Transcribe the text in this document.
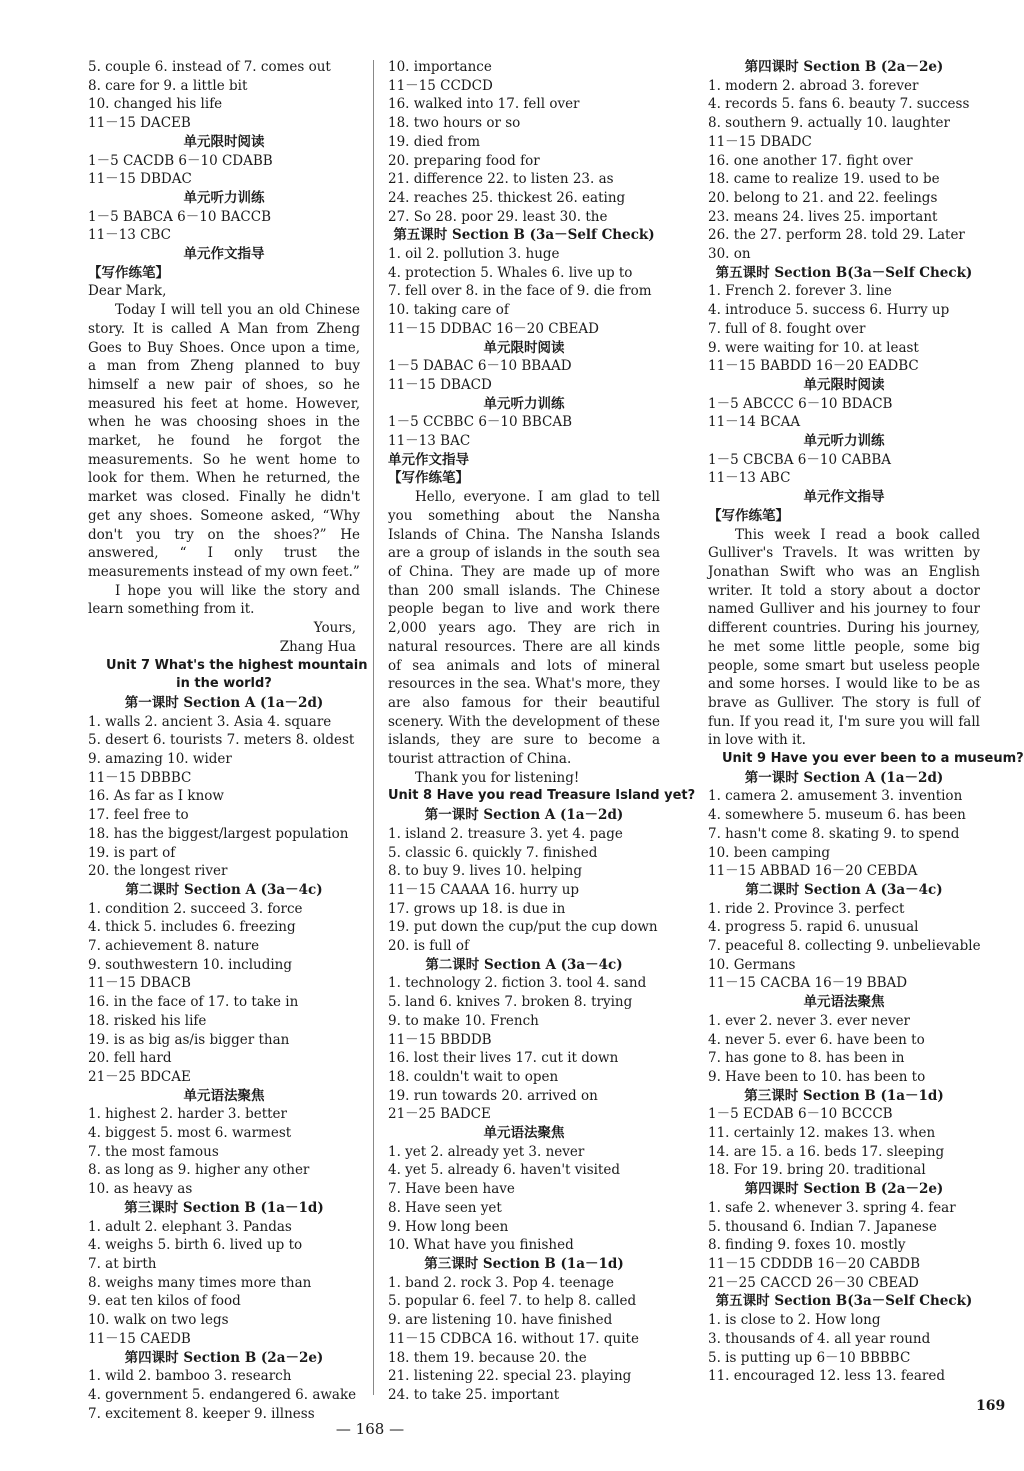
5. couple 6. instead of 7. comes out
8. care for 9. a little bit
10. changed his life
11－15 DACEB
单元限时阅读
1－5 CACDB 6－10 CDABB
11－15 DBDAC
单元听力训练
1－5 BABCA 6－10 BACCB
11－13 CBC
单元作文指导
【写作练笔】
Dear Mark,

Today I will tell you an old Chinese story. It is called A Man from Zheng Goes to Buy Shoes. Once upon a time, a man from Zheng planned to buy himself a new pair of shoes, so he measured his feet at home. However, when he was choosing shoes in the market, he found he forgot the measurements. So he went home to look for them. When he returned, the market was closed. Finally he didn't get any shoes. Someone asked, “Why don't you try on the shoes?” He answered, “ I only trust the measurements instead of my own feet.”

I hope you will like the story and learn something from it.

Yours,
Zhang Hua
Unit 7 What's the highest mountain
in the world?
第一课时 Section A (1a－2d)
1. walls 2. ancient 3. Asia 4. square
5. desert 6. tourists 7. meters 8. oldest
9. amazing 10. wider
11－15 DBBBC
16. As far as I know
17. feel free to
18. has the biggest/largest population
19. is part of
20. the longest river
第二课时 Section A (3a－4c)
1. condition 2. succeed 3. force
4. thick 5. includes 6. freezing
7. achievement 8. nature
9. southwestern 10. including
11－15 DBACB
16. in the face of 17. to take in
18. risked his life
19. is as big as/is bigger than
20. fell hard
21－25 BDCAE
单元语法聚焦
1. highest 2. harder 3. better
4. biggest 5. most 6. warmest
7. the most famous
8. as long as 9. higher any other
10. as heavy as
第三课时 Section B (1a－1d)
1. adult 2. elephant 3. Pandas
4. weighs 5. birth 6. lived up to
7. at birth
8. weighs many times more than
9. eat ten kilos of food
10. walk on two legs
11－15 CAEDB
第四课时 Section B (2a－2e)
1. wild 2. bamboo 3. research
4. government 5. endangered 6. awake
7. excitement 8. keeper 9. illness
10. importance
11－15 CCDCD
16. walked into 17. fell over
18. two hours or so
19. died from
20. preparing food for
21. difference 22. to listen 23. as
24. reaches 25. thickest 26. eating
27. So 28. poor 29. least 30. the
第五课时 Section B (3a－Self Check)
1. oil 2. pollution 3. huge
4. protection 5. Whales 6. live up to
7. fell over 8. in the face of 9. die from
10. taking care of
11－15 DDBAC 16－20 CBEAD
单元限时阅读
1－5 DABAC 6－10 BBAAD
11－15 DBACD
单元听力训练
1－5 CCBBC 6－10 BBCAB
11－13 BAC
单元作文指导
【写作练笔】

Hello, everyone. I am glad to tell you something about the Nansha Islands of China. The Nansha Islands are a group of islands in the south sea of China. They are made up of more than 200 small islands. The Chinese people began to live and work there 2,000 years ago. They are rich in natural resources. There are all kinds of sea animals and lots of mineral resources in the sea. What's more, they are also famous for their beautiful scenery. With the development of these islands, they are sure to become a tourist attraction of China.

Thank you for listening!

Unit 8 Have you read Treasure Island yet?
第一课时 Section A (1a－2d)
1. island 2. treasure 3. yet 4. page
5. classic 6. quickly 7. finished
8. to buy 9. lives 10. helping
11－15 CAAAA 16. hurry up
17. grows up 18. is due in
19. put down the cup/put the cup down
20. is full of
第二课时 Section A (3a－4c)
1. technology 2. fiction 3. tool 4. sand
5. land 6. knives 7. broken 8. trying
9. to make 10. French
11－15 BBDDB
16. lost their lives 17. cut it down
18. couldn't wait to open
19. run towards 20. arrived on
21－25 BADCE
单元语法聚焦
1. yet 2. already yet 3. never
4. yet 5. already 6. haven't visited
7. Have been have
8. Have seen yet
9. How long been
10. What have you finished
第三课时 Section B (1a－1d)
1. band 2. rock 3. Pop 4. teenage
5. popular 6. feel 7. to help 8. called
9. are listening 10. have finished
11－15 CDBCA 16. without 17. quite
18. them 19. because 20. the
21. listening 22. special 23. playing
24. to take 25. important
第四课时 Section B (2a－2e)
1. modern 2. abroad 3. forever
4. records 5. fans 6. beauty 7. success
8. southern 9. actually 10. laughter
11－15 DBADC
16. one another 17. fight over
18. came to realize 19. used to be
20. belong to 21. and 22. feelings
23. means 24. lives 25. important
26. the 27. perform 28. told 29. Later
30. on
第五课时 Section B(3a－Self Check)
1. French 2. forever 3. line
4. introduce 5. success 6. Hurry up
7. full of 8. fought over
9. were waiting for 10. at least
11－15 BABDD 16－20 EADBC
单元限时阅读
1－5 ABCCC 6－10 BDACB
11－14 BCAA
单元听力训练
1－5 CBCBA 6－10 CABBA
11－13 ABC
单元作文指导
【写作练笔】

This week I read a book called Gulliver's Travels. It was written by Jonathan Swift who was an English writer. It told a story about a doctor named Gulliver and his journey to four different countries. During his journey, he met some little people, some big people, some smart but useless people and some horses. I would like to be as brave as Gulliver. The story is full of fun. If you read it, I'm sure you will fall in love with it.

Unit 9 Have you ever been to a museum?
第一课时 Section A (1a－2d)
1. camera 2. amusement 3. invention
4. somewhere 5. museum 6. has been
7. hasn't come 8. skating 9. to spend
10. been camping
11－15 ABBAD 16－20 CEBDA
第二课时 Section A (3a－4c)
1. ride 2. Province 3. perfect
4. progress 5. rapid 6. unusual
7. peaceful 8. collecting 9. unbelievable
10. Germans
11－15 CACBA 16－19 BBAD
单元语法聚焦
1. ever 2. never 3. ever never
4. never 5. ever 6. have been to
7. has gone to 8. has been in
9. Have been to 10. has been to
第三课时 Section B (1a－1d)
1－5 ECDAB 6－10 BCCCB
11. certainly 12. makes 13. when
14. are 15. a 16. beds 17. sleeping
18. For 19. bring 20. traditional
第四课时 Section B (2a－2e)
1. safe 2. whenever 3. spring 4. fear
5. thousand 6. Indian 7. Japanese
8. finding 9. foxes 10. mostly
11－15 CDDDB 16－20 CABDB
21－25 CACCD 26－30 CBEAD
第五课时 Section B(3a－Self Check)
1. is close to 2. How long
3. thousands of 4. all year round
5. is putting up 6－10 BBBBC
11. encouraged 12. less 13. feared
— 168 —
169
